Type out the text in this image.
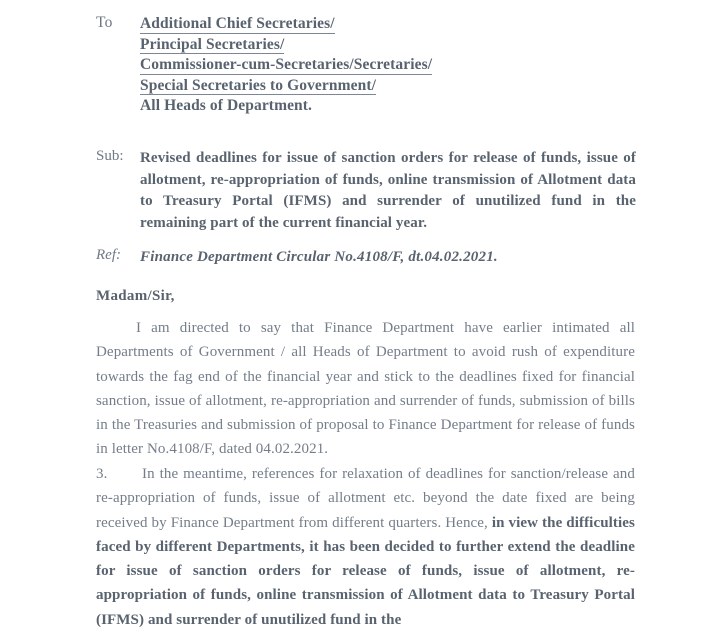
To Additional Chief Secretaries/
Principal Secretaries/
Commissioner-cum-Secretaries/Secretaries/
Special Secretaries to Government/
All Heads of Department.
Sub: Revised deadlines for issue of sanction orders for release of funds, issue of allotment, re-appropriation of funds, online transmission of Allotment data to Treasury Portal (IFMS) and surrender of unutilized fund in the remaining part of the current financial year.
Ref: Finance Department Circular No.4108/F, dt.04.02.2021.
Madam/Sir,
I am directed to say that Finance Department have earlier intimated all Departments of Government / all Heads of Department to avoid rush of expenditure towards the fag end of the financial year and stick to the deadlines fixed for financial sanction, issue of allotment, re-appropriation and surrender of funds, submission of bills in the Treasuries and submission of proposal to Finance Department for release of funds in letter No.4108/F, dated 04.02.2021.
3. In the meantime, references for relaxation of deadlines for sanction/release and re-appropriation of funds, issue of allotment etc. beyond the date fixed are being received by Finance Department from different quarters. Hence, in view the difficulties faced by different Departments, it has been decided to further extend the deadline for issue of sanction orders for release of funds, issue of allotment, re-appropriation of funds, online transmission of Allotment data to Treasury Portal (IFMS) and surrender of unutilized fund in the
